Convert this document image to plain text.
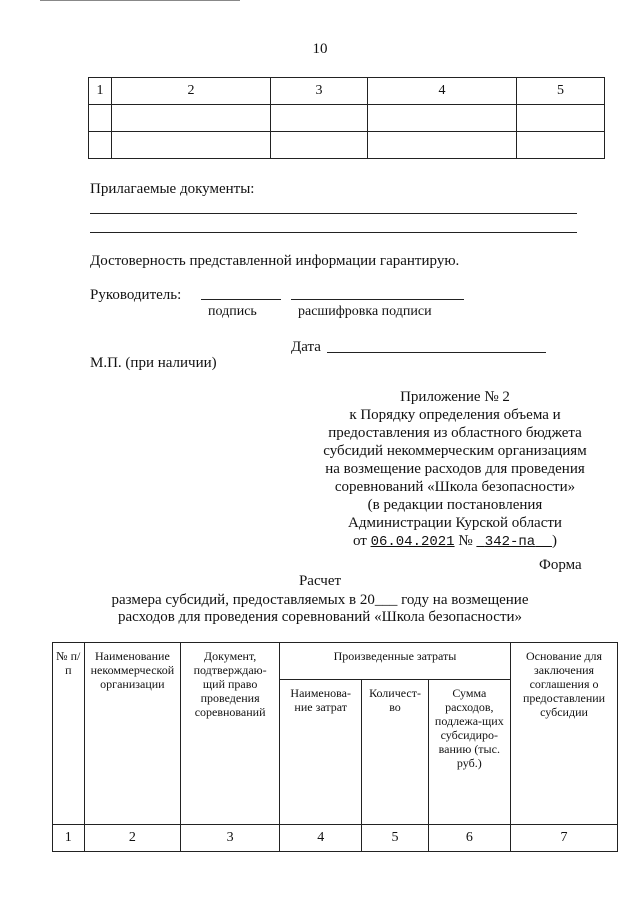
10
1	2	3	4	5

Прилагаемые документы:
Достоверность представленной информации гарантирую.
Руководитель:
подпись	расшифровка подписи
Дата
М.П. (при наличии)
Приложение № 2
к Порядку определения объема и
предоставления из областного бюджета
субсидий некоммерческим организациям
на возмещение расходов для проведения
соревнований «Школа безопасности»
(в редакции постановления
Администрации Курской области
от 06.04.2021 № 342-па )
Форма
Расчет
размера субсидий, предоставляемых в 20___ году на возмещение
расходов для проведения соревнований «Школа безопасности»
№ п/п	Наименование некоммерческой организации	Документ, подтверждаю-щий право проведения соревнований	Произведенные затраты			Основание для заключения соглашения о предоставлении субсидии
			Наименова-ние затрат	Количест-во	Сумма расходов, подлежа-щих субсидиро-ванию (тыс. руб.)	
1	2	3	4	5	6	7
